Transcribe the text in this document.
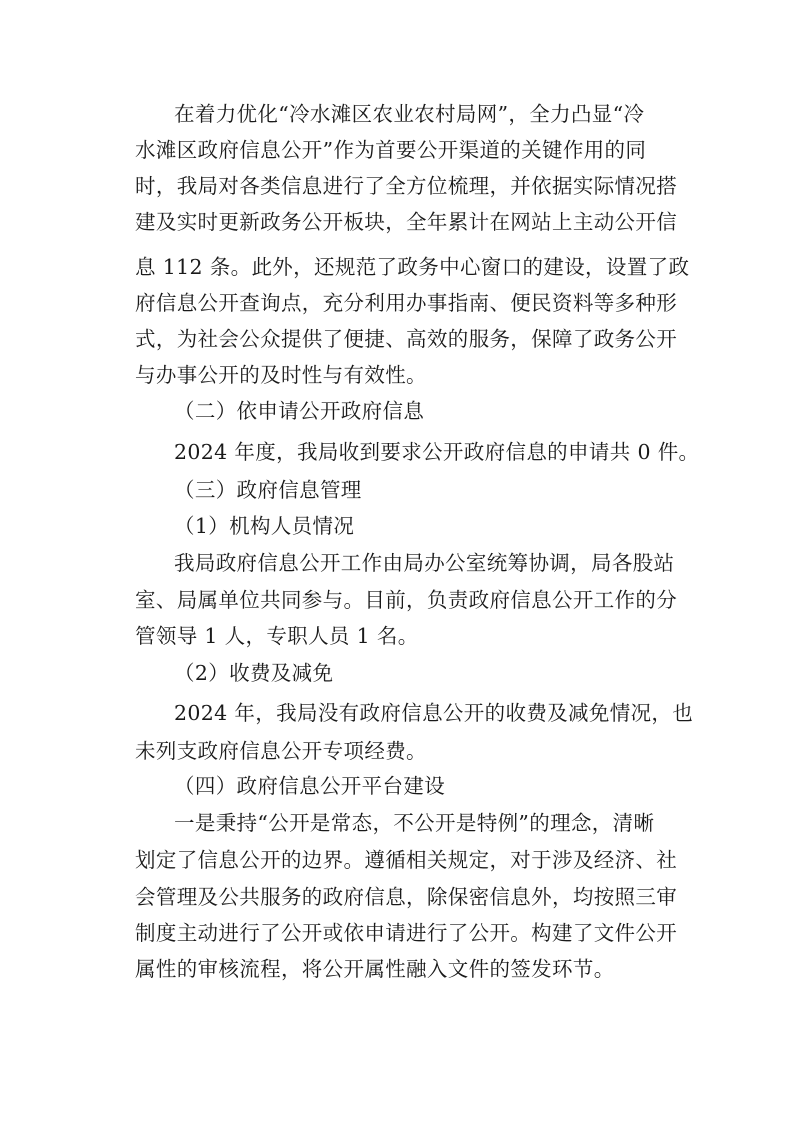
在着力优化“冷水滩区农业农村局网”，全力凸显“冷
水滩区政府信息公开”作为首要公开渠道的关键作用的同
时，我局对各类信息进行了全方位梳理，并依据实际情况搭
建及实时更新政务公开板块，全年累计在网站上主动公开信
息 112 条。此外，还规范了政务中心窗口的建设，设置了政
府信息公开查询点，充分利用办事指南、便民资料等多种形
式，为社会公众提供了便捷、高效的服务，保障了政务公开
与办事公开的及时性与有效性。
（二）依申请公开政府信息
2024 年度，我局收到要求公开政府信息的申请共 0 件。
（三）政府信息管理
（1）机构人员情况
我局政府信息公开工作由局办公室统筹协调，局各股站
室、局属单位共同参与。目前，负责政府信息公开工作的分
管领导 1 人，专职人员 1 名。
（2）收费及减免
2024 年，我局没有政府信息公开的收费及减免情况，也
未列支政府信息公开专项经费。
（四）政府信息公开平台建设
一是秉持“公开是常态，不公开是特例”的理念，清晰
划定了信息公开的边界。遵循相关规定，对于涉及经济、社
会管理及公共服务的政府信息，除保密信息外，均按照三审
制度主动进行了公开或依申请进行了公开。构建了文件公开
属性的审核流程，将公开属性融入文件的签发环节。
